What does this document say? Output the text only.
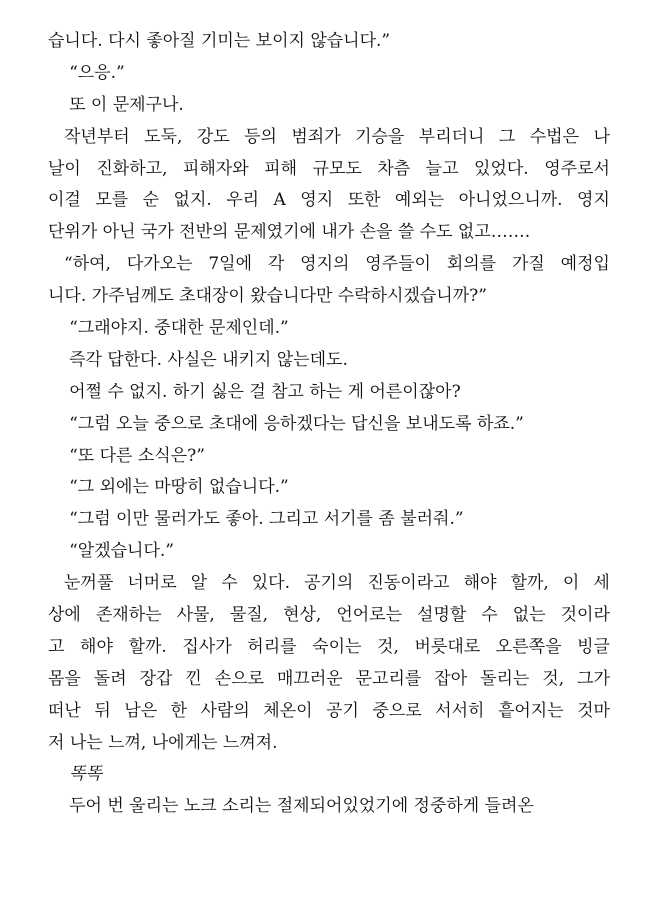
습니다. 다시 좋아질 기미는 보이지 않습니다.”
“으응.”
또 이 문제구나.
작년부터 도둑, 강도 등의 범죄가 기승을 부리더니 그 수법은 나
날이 진화하고, 피해자와 피해 규모도 차츰 늘고 있었다. 영주로서
이걸 모를 순 없지. 우리 A 영지 또한 예외는 아니었으니까. 영지
단위가 아닌 국가 전반의 문제였기에 내가 손을 쓸 수도 없고…….
“하여, 다가오는 7일에 각 영지의 영주들이 회의를 가질 예정입
니다. 가주님께도 초대장이 왔습니다만 수락하시겠습니까?”
“그래야지. 중대한 문제인데.”
즉각 답한다. 사실은 내키지 않는데도.
어쩔 수 없지. 하기 싫은 걸 참고 하는 게 어른이잖아?
“그럼 오늘 중으로 초대에 응하겠다는 답신을 보내도록 하죠.”
“또 다른 소식은?”
“그 외에는 마땅히 없습니다.”
“그럼 이만 물러가도 좋아. 그리고 서기를 좀 불러줘.”
“알겠습니다.”
눈꺼풀 너머로 알 수 있다. 공기의 진동이라고 해야 할까, 이 세
상에 존재하는 사물, 물질, 현상, 언어로는 설명할 수 없는 것이라
고 해야 할까. 집사가 허리를 숙이는 것, 버릇대로 오른쪽을 빙글
몸을 돌려 장갑 낀 손으로 매끄러운 문고리를 잡아 돌리는 것, 그가
떠난 뒤 남은 한 사람의 체온이 공기 중으로 서서히 흩어지는 것마
저 나는 느껴, 나에게는 느껴져.
똑똑
두어 번 울리는 노크 소리는 절제되어있었기에 정중하게 들려온
